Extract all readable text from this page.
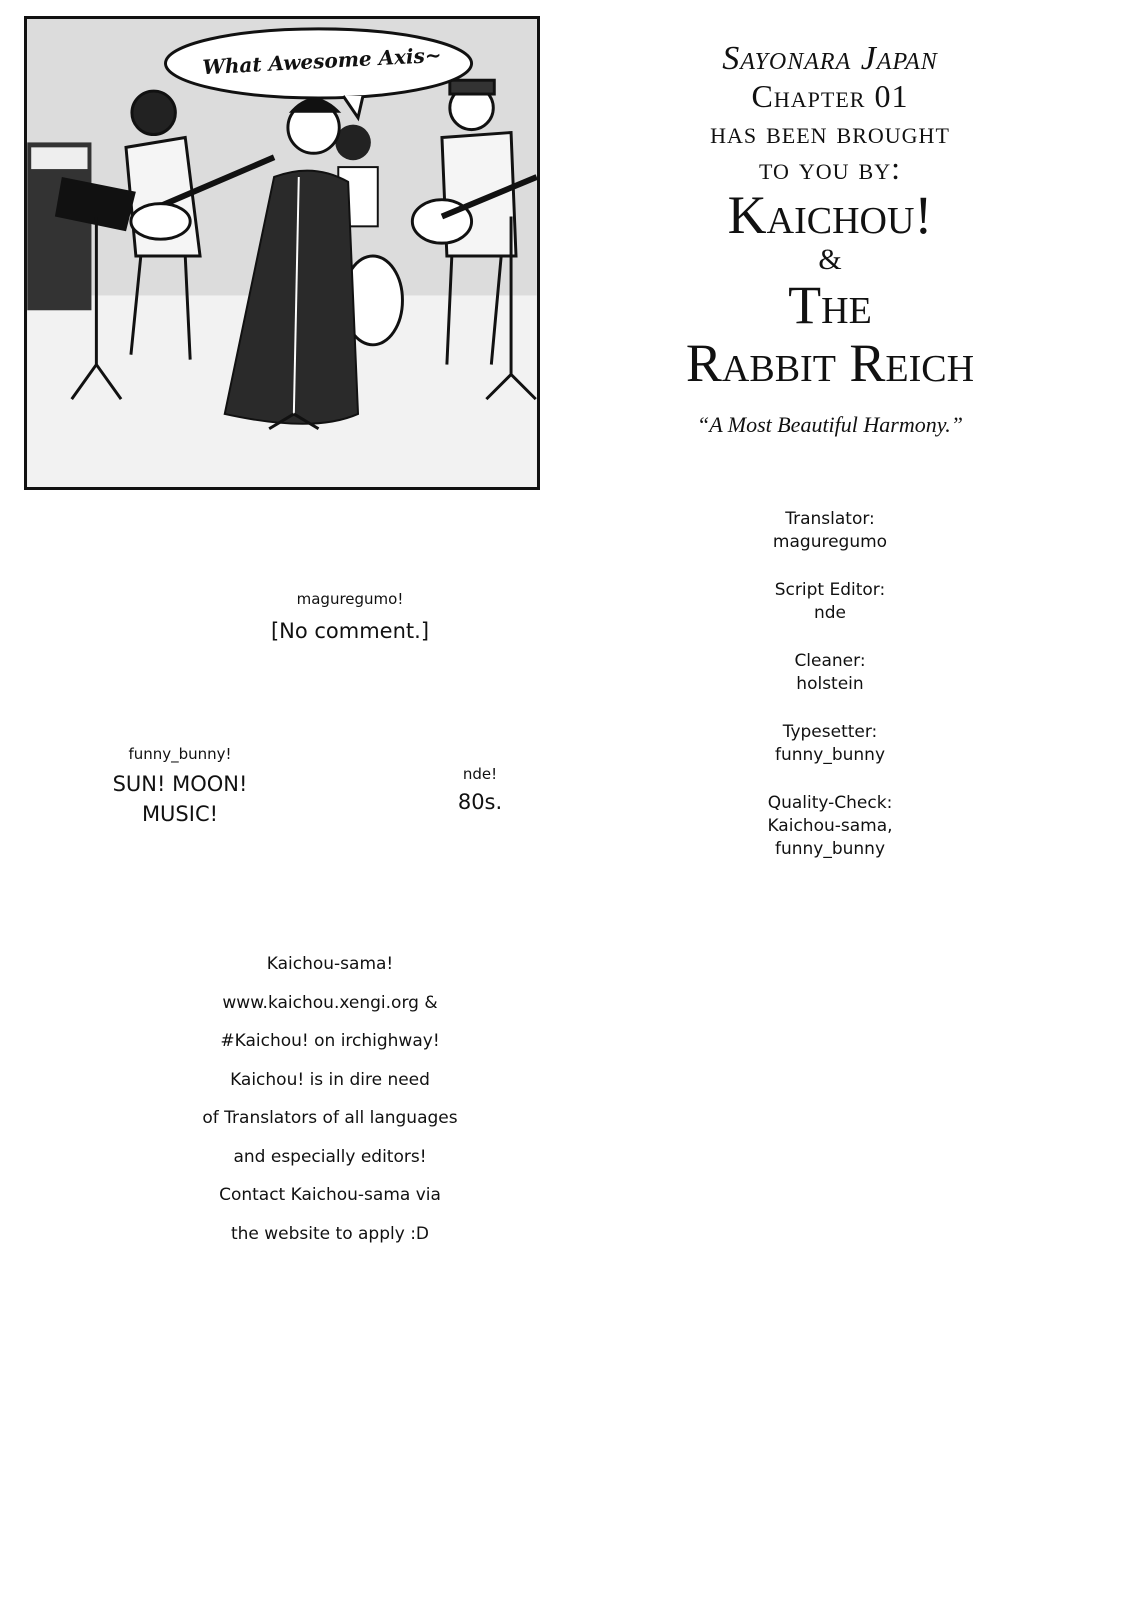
What Awesome Axis~	Sayonara Japan

Chapter 01

has been brought

to you by:

Kaichou!

&

The

Rabbit Reich

“A Most Beautiful Harmony.”

Translator:
maguregumo
Script Editor:
nde
Cleaner:
holstein
Typesetter:
funny_bunny
Quality-Check:
Kaichou-sama,
funny_bunny
maguregumo!
[No comment.]
funny_bunny!
SUN! MOON!
MUSIC!
nde!
80s.
Kaichou-sama!
www.kaichou.xengi.org &
#Kaichou! on irchighway!
Kaichou! is in dire need
of Translators of all languages
and especially editors!
Contact Kaichou-sama via
the website to apply :D
